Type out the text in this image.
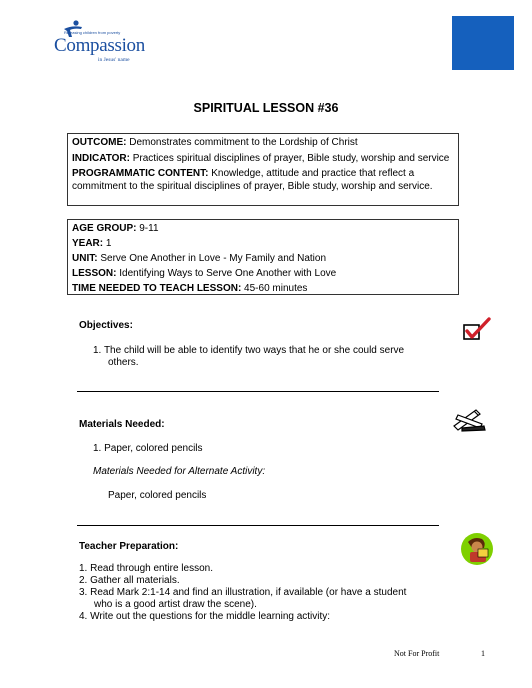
Releasing children from poverty
Compassion
in Jesus' name
SPIRITUAL LESSON #36

OUTCOME: Demonstrates commitment to the Lordship of Christ

INDICATOR: Practices spiritual disciplines of prayer, Bible study, worship and service

PROGRAMMATIC CONTENT: Knowledge, attitude and practice that reflect a commitment to the spiritual disciplines of prayer, Bible study, worship and service.

AGE GROUP: 9-11

YEAR: 1

UNIT: Serve One Another in Love - My Family and Nation

LESSON: Identifying Ways to Serve One Another with Love

TIME NEEDED TO TEACH LESSON: 45-60 minutes

Objectives:
1. The child will be able to identify two ways that he or she could serve
others.
Materials Needed:
1. Paper, colored pencils
Materials Needed for Alternate Activity:
Paper, colored pencils
Teacher Preparation:
1. Read through entire lesson.
2. Gather all materials.
3. Read Mark 2:1-14 and find an illustration, if available (or have a student
who is a good artist draw the scene).
4. Write out the questions for the middle learning activity:
Not For Profit	1
